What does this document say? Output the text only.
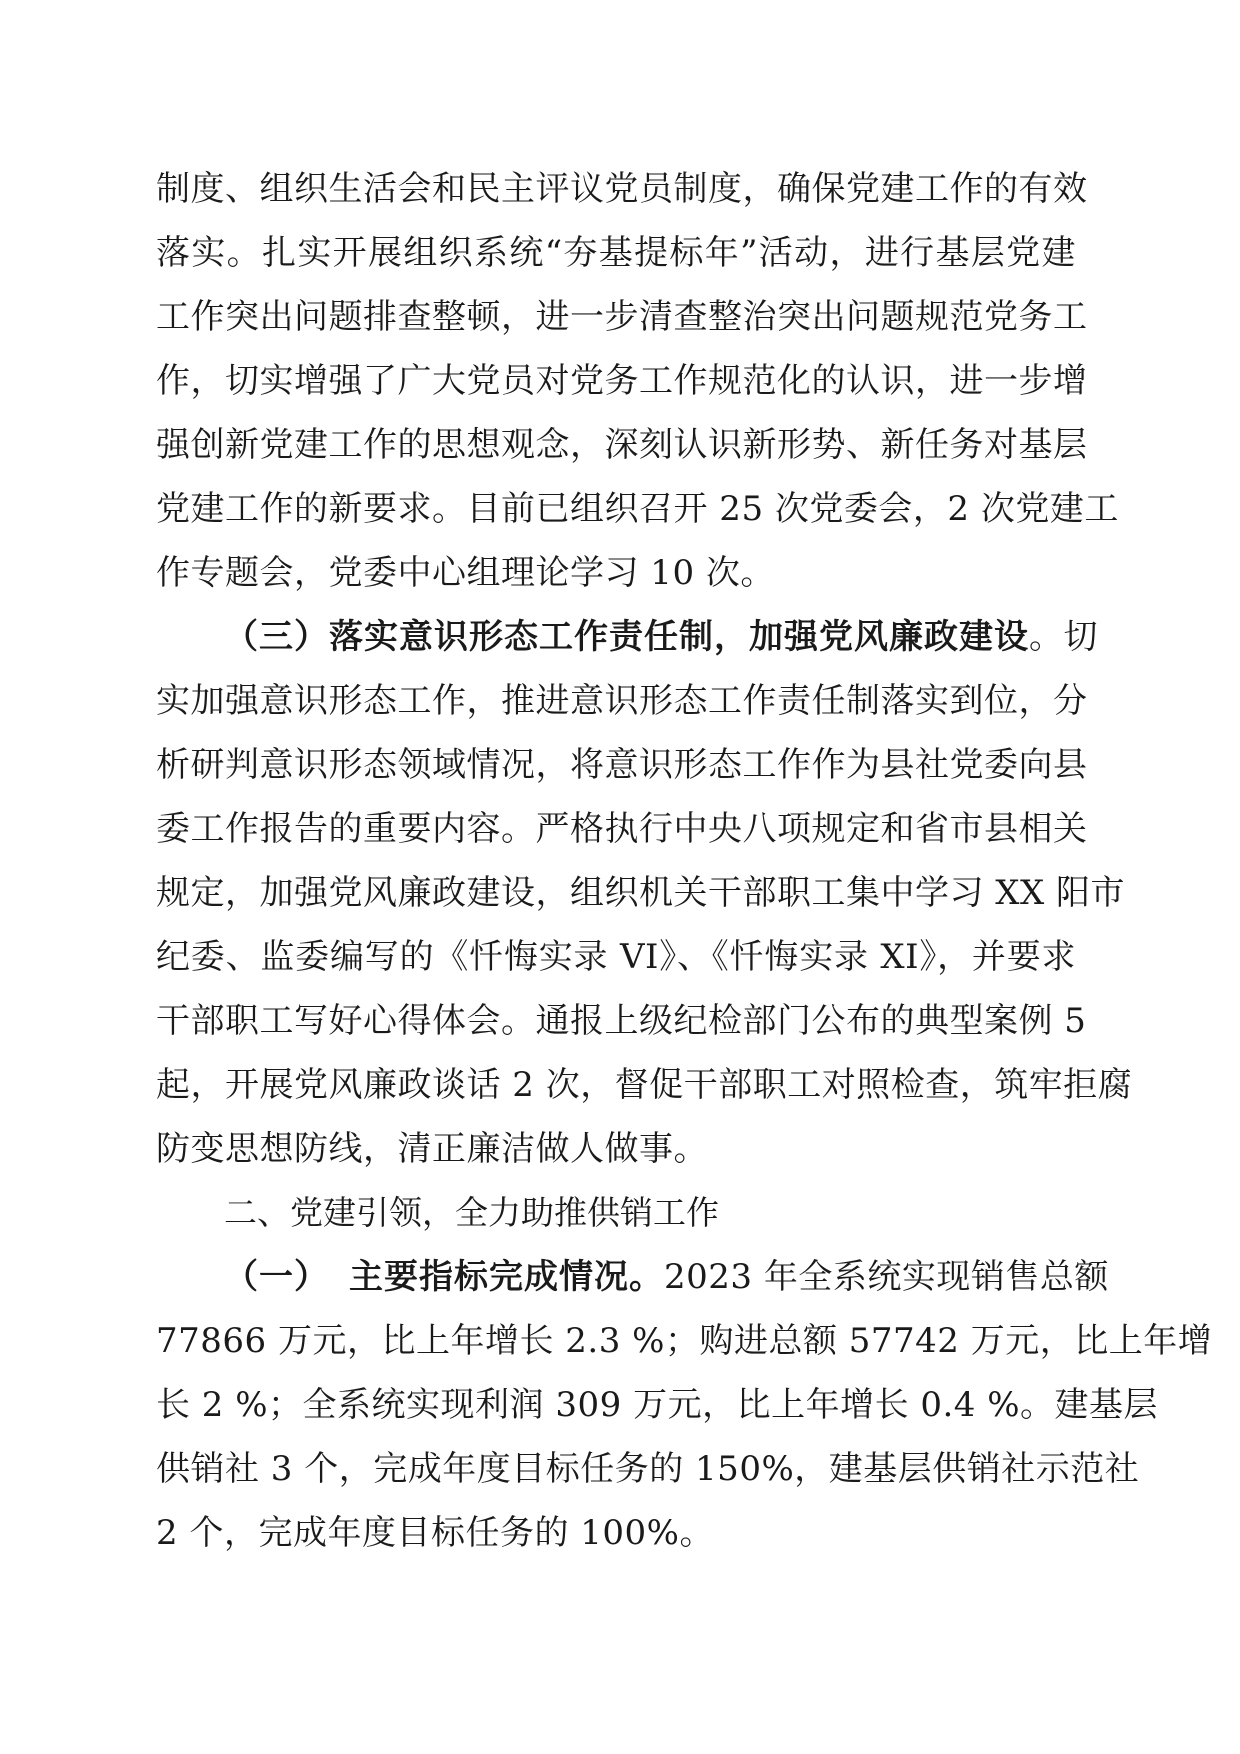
制度、组织生活会和民主评议党员制度，确保党建工作的有效
落实。扎实开展组织系统“夯基提标年”活动，进行基层党建
工作突出问题排查整顿，进一步清查整治突出问题规范党务工
作，切实增强了广大党员对党务工作规范化的认识，进一步增
强创新党建工作的思想观念，深刻认识新形势、新任务对基层
党建工作的新要求。目前已组织召开 25 次党委会，2 次党建工
作专题会，党委中心组理论学习 10 次。
（三）落实意识形态工作责任制，加强党风廉政建设。切
实加强意识形态工作，推进意识形态工作责任制落实到位，分
析研判意识形态领域情况，将意识形态工作作为县社党委向县
委工作报告的重要内容。严格执行中央八项规定和省市县相关
规定，加强党风廉政建设，组织机关干部职工集中学习 XX 阳市
纪委、监委编写的《忏悔实录 VI》、《忏悔实录 XI》，并要求
干部职工写好心得体会。通报上级纪检部门公布的典型案例 5
起，开展党风廉政谈话 2 次，督促干部职工对照检查，筑牢拒腐
防变思想防线，清正廉洁做人做事。
二、党建引领，全力助推供销工作
（一） 主要指标完成情况。2023 年全系统实现销售总额
77866 万元，比上年增长 2.3 %；购进总额 57742 万元，比上年增
长 2 %；全系统实现利润 309 万元，比上年增长 0.4 %。建基层
供销社 3 个，完成年度目标任务的 150%，建基层供销社示范社
2 个，完成年度目标任务的 100%。
